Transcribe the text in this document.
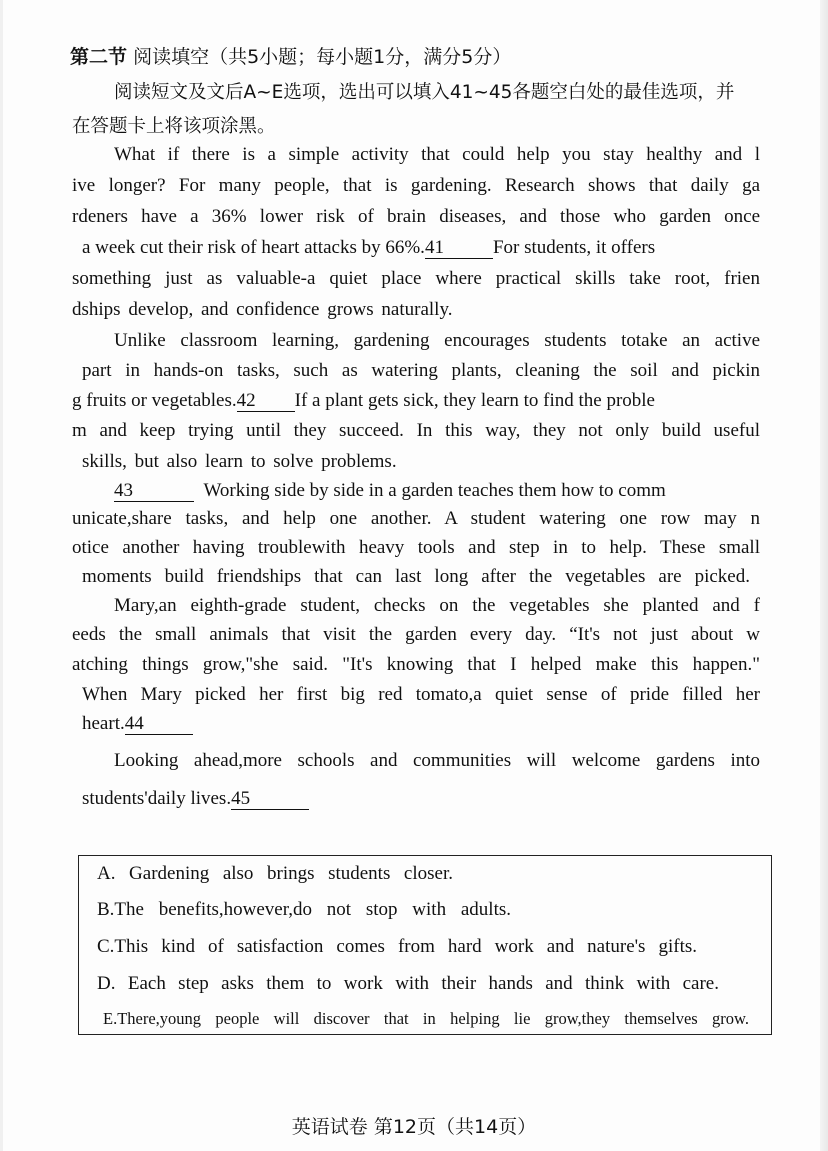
第二节 阅读填空（共5小题；每小题1分，满分5分）
阅读短文及文后A~E选项，选出可以填入41~45各题空白处的最佳选项，并
在答题卡上将该项涂黑。
What if there is a simple activity that could help you stay healthy and l
ive longer? For many people, that is gardening. Research shows that daily ga
rdeners have a 36% lower risk of brain diseases, and those who garden once
a week cut their risk of heart attacks by 66%.41	For students, it offers
something just as valuable-a quiet place where practical skills take root, frien
dships develop, and confidence grows naturally.
Unlike classroom learning, gardening encourages students totake an active
part in hands-on tasks, such as watering plants, cleaning the soil and pickin
g fruits or vegetables.42 If a plant gets sick, they learn to find the proble
m and keep trying until they succeed. In this way, they not only build useful
skills, but also learn to solve problems.
43	Working side by side in a garden teaches them how to comm
unicate,share tasks, and help one another. A student watering one row may n
otice another having troublewith heavy tools and step in to help. These small
moments build friendships that can last long after the vegetables are picked.
Mary,an eighth-grade student, checks on the vegetables she planted and f
eeds the small animals that visit the garden every day. “It's not just about w
atching things grow,"she said. "It's knowing that I helped make this happen."
When Mary picked her first big red tomato,a quiet sense of pride filled her
heart.44
Looking ahead,more schools and communities will welcome gardens into
students'daily lives.45
A. Gardening also brings students closer.
B.The benefits,however,do not stop with adults.
C.This kind of satisfaction comes from hard work and nature's gifts.
D. Each step asks them to work with their hands and think with care.
E.There,young people will discover that in helping lie grow,they themselves grow.
英语试卷 第12页（共14页）
